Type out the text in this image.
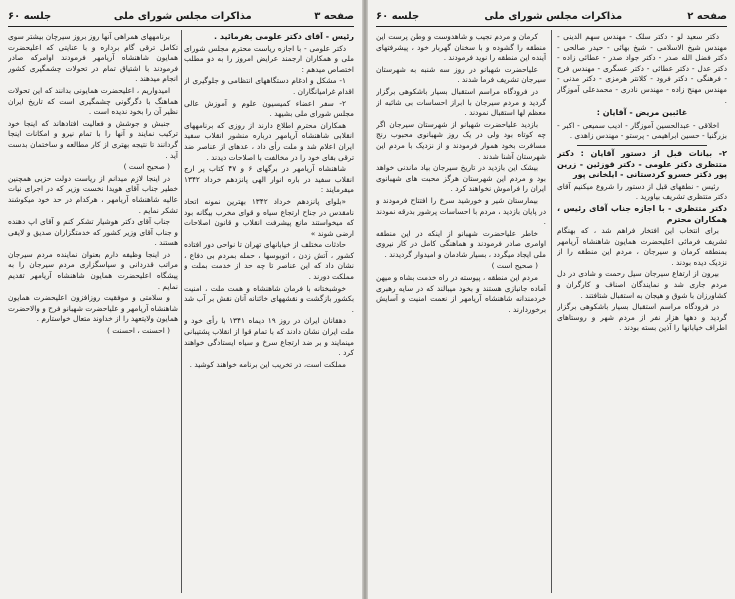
صفحه ۳
مذاکرات مجلس شورای ملی
جلسه ۶۰

رئیس - آقای دکتر علومی بفرمائید .

دکتر علومی - با اجازه ریاست محترم مجلس شورای ملی و همکاران ارجمند عرایض امروز را به دو مطلب اختصاص میدهم :

۱- مشکل و ادغام دستگاههای انتظامی و جلوگیری از اقدام غرامیانگاران .

۲- سفر اعضاء کمیسیون علوم و آموزش عالی مجلس شورای ملی بشیهد .

همکاران محترم اطلاع دارند از روزی که برنامههای انقلابی شاهنشاه آریامهر درباره منشور انقلاب سفید ایران اعلام شد و ملت رأی داد ، عدهای از عناصر ضد ترقی بقای خود را در مخالفت با اصلاحات دیدند .

شاهنشاه آریامهر در برگهای ۶ و ۴۷ کتاب پر ارج انقلاب سفید در باره انوار الهی پانزدهم خرداد ۱۳۴۲ میفرمایند :

«بلوای پانزدهم خرداد ۱۳۴۲ بهترین نمونه اتحاد نامقدس در جناح ارتجاع سیاه و قوای مخرب بیگانه بود که میخواستند مانع پیشرفت انقلاب و قانون اصلاحات ارضی شوند »

حادثات مختلف از خیابانهای تهران تا نواحی دور افتاده کشور ، آتش زدن ، اتوبوسها ، حمله بمردم بی دفاع ، نشان داد که این عناصر تا چه حد از خدمت بملت و مملکت دورند .

خوشبختانه با فرمان شاهنشاه و همت ملت ، امنیت بکشور بازگشت و نقشههای خائنانه آنان نقش بر آب شد .

دهقانان ایران در روز ۱۹ دیماه ۱۳۴۱ با رأی خود و ملت ایران نشان دادند که با تمام قوا از انقلاب پشتیبانی مینمایند و بر ضد ارتجاع سرخ و سیاه ایستادگی خواهند کرد .

مملکت است، در تخریب این برنامه خواهند کوشید .

برنامههای همراهی آنها روز بروز سیرچان بیشتر سوی تکامل ترقی گام برداره و با عنایتی که اعلیحضرت همایون شاهنشاه آریامهر فرمودند اوامرکه صادر فرمودند با اشتیاق تمام در تحولات چشمگیری کشور انجام میدهند .

امیدواریم ، اعلیحضرت همایونی بدانند که این تحولات هماهنگ با دگرگونی چشمگیری است که تاریخ ایران نظیر آن را بخود ندیده است .

جنبش و جوشش و فعالیت افتادهاند که اینجا خود ترکیب نمایند و آنها را با تمام نیرو و امکانات اینجا گردانند تا نتیجه بهتری از کار مطالعه و ساختمان بدست آید .

( صحیح است )

در اینجا لازم میدانم از ریاست دولت حزبی همچنین خطیر جناب آقای هویدا نخست وزیر که در اجرای نیات عالیه شاهنشاه آریامهر ، هرکدام در حد خود میکوشند تشکر نمایم .

جناب آقای دکتر هوشیار تشکر کنم و آقای اپ دهنده و جناب آقای وزیر کشور که خدمتگزاران صدیق و لایقی هستند .

در اینجا وظیفه دارم بعنوان نماینده مردم سیرجان مراتب قدردانی و سپاسگزاری مردم سیرجان را به پیشگاه اعلیحضرت همایون شاهنشاه آریامهر تقدیم نمایم .

و سلامتی و موفقیت روزافزون اعلیحضرت همایون شاهنشاه آریامهر و علیاحضرت شهبانو فرح و والاحضرت همایون ولایتعهد را از خداوند متعال خواستارم .

( احسنت ، احسنت )

صفحه ۲
مذاکرات مجلس شورای ملی
جلسه ۶۰

دکتر سعید لو - دکتر سلک - مهندس سهم الدینی - مهندس شیخ الاسلامی - شیخ بهائی - حیدر صالحی - دکتر فضل الله صدر - دکتر جواد صدر - عطائی زاده - دکتر عدل - دکتر عطائی - دکتر عسگری - مهندس فرح - فرهنگی - دکتر فرود - کلانتر هرمزی - دکتر مدنی - مهندس مهنج زاده - مهندس نادری - محمدعلی آموزگار .

غائبین مریض - آقایان :

اخلاقی - عبدالحسین آموزگار - ادیب سمیعی - اکبر - بزرگنیا - حسین ابراهیمی - پرستو - مهندس زاهدی .

۲- بیانات قبل از دستور آقایان : دکتر متتظری دکتر علومی - دکتر قوزئین - زرین پور دکتر خسرو کردستانی - ایلخانی پور

رئیس - نطقهای قبل از دستور را شروع میکنیم آقای دکتر متتظری تشریف بیاورید .

دکتر متتظری - با اجازه جناب آقای رئیس ، همکاران محترم

برای انتخاب این افتخار فراهم شد ، که بهنگام تشریف فرمائی اعلیحضرت همایون شاهنشاه آریامهر بمنطقه کرمان و سیرجان ، مردم این منطقه را از نزدیک دیده بودند .

بیرون از ارتفاع سیرجان سیل رحمت و شادی در دل مردم جاری شد و نمایندگان اصناف و کارگران و کشاورزان با شوق و هیجان به استقبال شتافتند .

در فرودگاه مراسم استقبال بسیار باشکوهی برگزار گردید و دهها هزار نفر از مردم شهر و روستاهای اطراف خیابانها را آذین بسته بودند .

کرمان و مردم نجیب و شاهدوست و وطن پرست این منطقه را گشوده و با سخنان گهربار خود ، پیشرفتهای آینده این منطقه را نوید فرمودند .

علیاحضرت شهبانو در روز سه شنبه به شهرستان سیرجان تشریف فرما شدند .

در فرودگاه مراسم استقبال بسیار باشکوهی برگزار گردید و مردم سیرجان با ابراز احساسات بی شائبه از معظم لها استقبال نمودند .

بازدید علیاحضرت شهبانو از شهرستان سیرجان اگر چه کوتاه بود ولی در یک روز شهبانوی محبوب رنج مسافرت بخود هموار فرمودند و از نزدیک با مردم این شهرستان آشنا شدند .

بیشک این بازدید در تاریخ سیرجان بیاد ماندنی خواهد بود و مردم این شهرستان هرگز محبت های شهبانوی ایران را فراموش نخواهند کرد .

بیمارستان شیر و خورشید سرخ را افتتاح فرمودند و در پایان بازدید ، مردم با احساسات پرشور بدرقه نمودند .

خاطر علیاحضرت شهبانو از اینکه در این منطقه اوامری صادر فرمودند و هماهنگی کامل در کار نیروی ملی ایجاد میگردد ، بسیار شادمان و امیدوار گردیدند .

( صحیح است )

مردم این منطقه ، پیوسته در راه خدمت بشاه و میهن آماده جانبازی هستند و بخود میبالند که در سایه رهبری خردمندانه شاهنشاه آریامهر از نعمت امنیت و آسایش برخوردارند .
